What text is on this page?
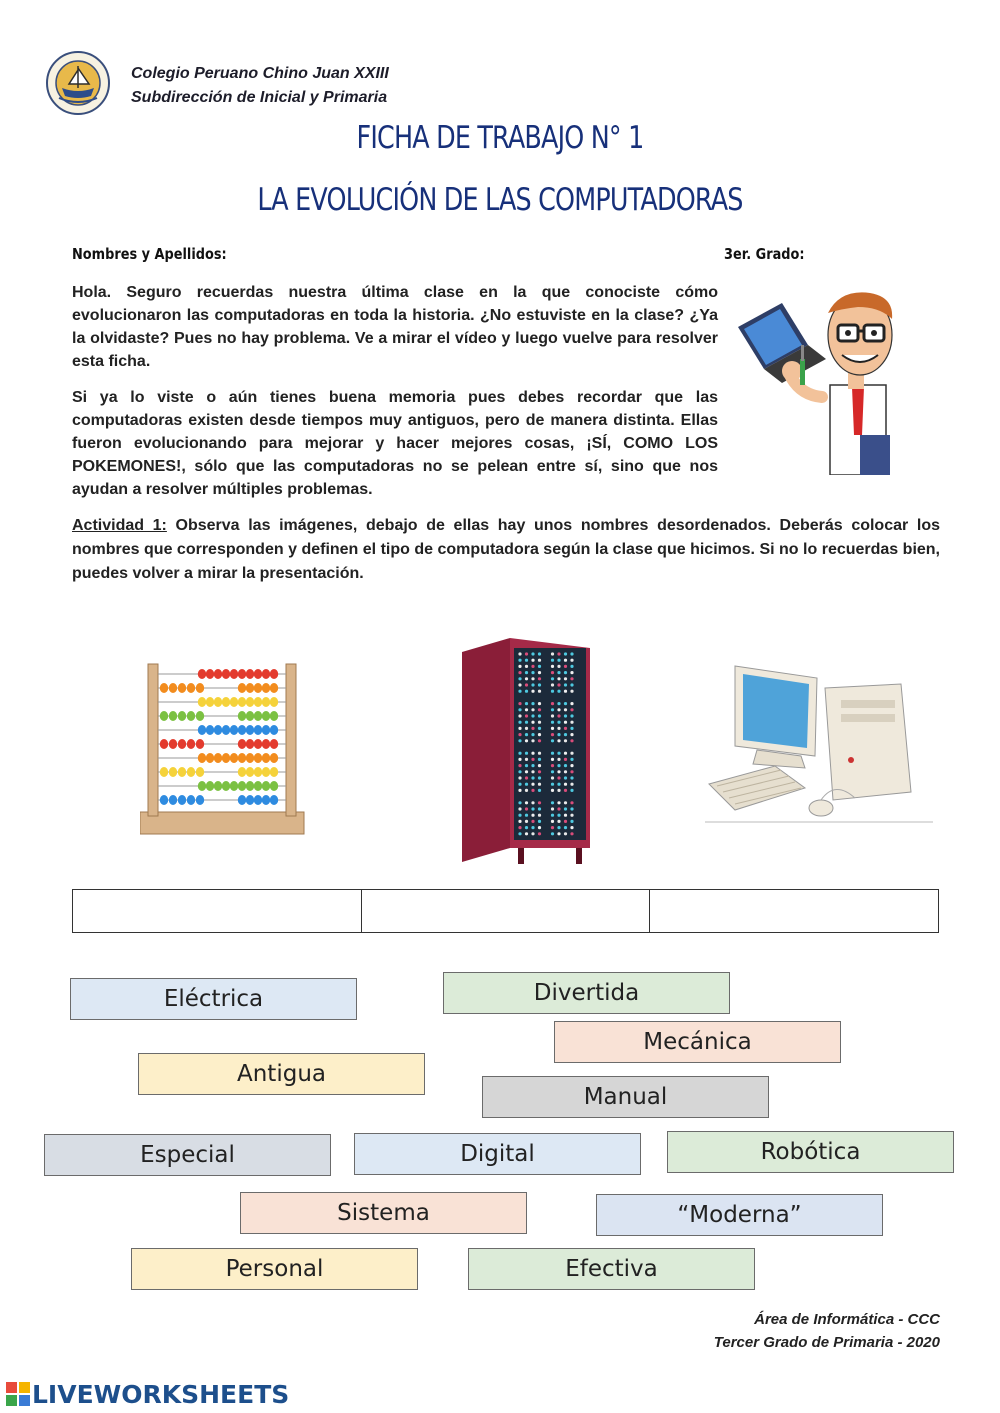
Colegio Peruano Chino Juan XXIII
Subdirección de Inicial y Primaria
FICHA DE TRABAJO N° 1
LA EVOLUCIÓN DE LAS COMPUTADORAS
Nombres y Apellidos:	3er. Grado:
Hola. Seguro recuerdas nuestra última clase en la que conociste cómo evolucionaron las computadoras en toda la historia. ¿No estuviste en la clase? ¿Ya la olvidaste? Pues no hay problema. Ve a mirar el vídeo y luego vuelve para resolver esta ficha.
Si ya lo viste o aún tienes buena memoria pues debes recordar que las computadoras existen desde tiempos muy antiguos, pero de manera distinta. Ellas fueron evolucionando para mejorar y hacer mejores cosas, ¡SÍ, COMO LOS POKEMONES!, sólo que las computadoras no se pelean entre sí, sino que nos ayudan a resolver múltiples problemas.
Actividad 1: Observa las imágenes, debajo de ellas hay unos nombres desordenados. Deberás colocar los nombres que corresponden y definen el tipo de computadora según la clase que hicimos. Si no lo recuerdas bien, puedes volver a mirar la presentación.
Eléctrica	Divertida
Mecánica
Antigua
Manual
Especial	Digital	Robótica
Sistema	“Moderna”
Personal	Efectiva
Área de Informática - CCC
Tercer Grado de Primaria - 2020
LIVEWORKSHEETS
